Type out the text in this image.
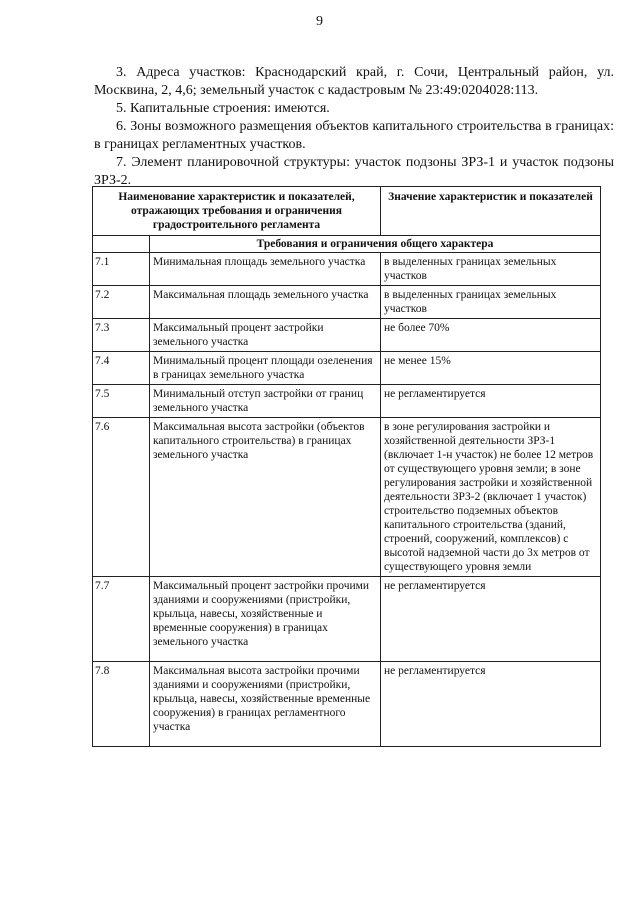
9

3. Адреса участков: Краснодарский край, г. Сочи, Центральный район, ул. Москвина, 2, 4,6; земельный участок с кадастровым № 23:49:0204028:113.

5. Капитальные строения: имеются.

6. Зоны возможного размещения объектов капитального строительства в границах: в границах регламентных участков.

7. Элемент планировочной структуры: участок подзоны ЗРЗ-1 и участок подзоны ЗРЗ-2.

Наименование характеристик и показателей, отражающих требования и ограничения градостроительного регламента		Значение характеристик и показателей
	Требования и ограничения общего характера	
7.1	Минимальная площадь земельного участка	в выделенных границах земельных участков
7.2	Максимальная площадь земельного участка	в выделенных границах земельных участков
7.3	Максимальный процент застройки земельного участка	не более 70%
7.4	Минимальный процент площади озеленения в границах земельного участка	не менее 15%
7.5	Минимальный отступ застройки от границ земельного участка	не регламентируется
7.6	Максимальная высота застройки (объектов капитального строительства) в границах земельного участка	в зоне регулирования застройки и хозяйственной деятельности ЗРЗ-1 (включает 1-н участок) не более 12 метров от существующего уровня земли; в зоне регулирования застройки и хозяйственной деятельности ЗРЗ-2 (включает 1 участок) строительство подземных объектов капитального строительства (зданий, строений, сооружений, комплексов) с высотой надземной части до 3х метров от существующего уровня земли
7.7	Максимальный процент застройки прочими зданиями и сооружениями (пристройки, крыльца, навесы, хозяйственные и временные сооружения) в границах земельного участка	не регламентируется
7.8	Максимальная высота застройки прочими зданиями и сооружениями (пристройки, крыльца, навесы, хозяйственные временные сооружения) в границах регламентного участка	не регламентируется
